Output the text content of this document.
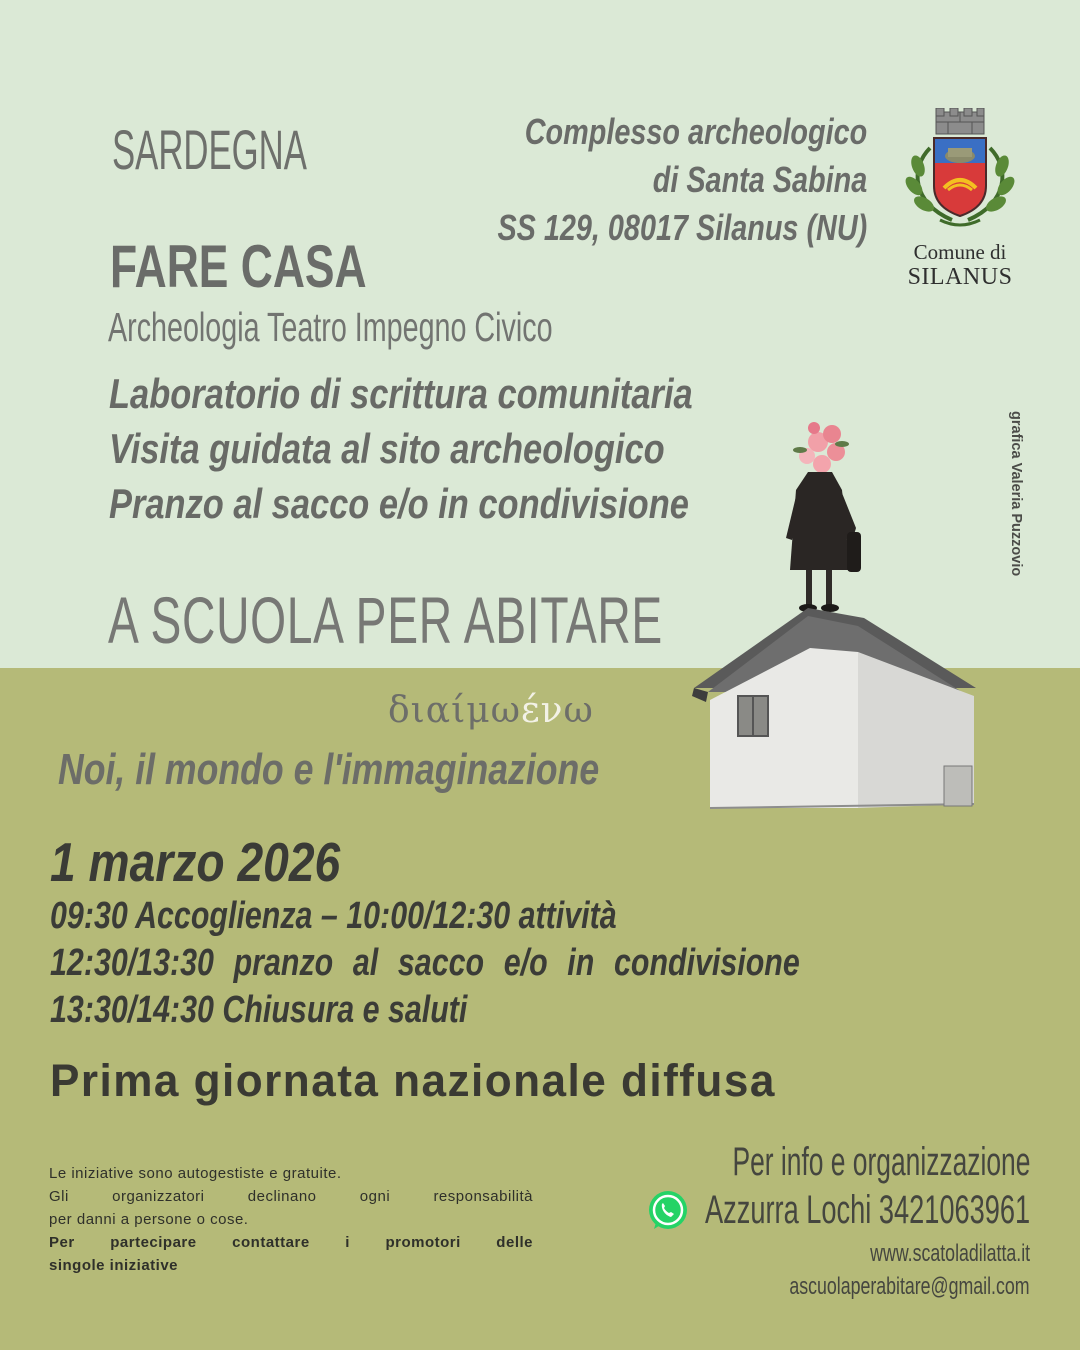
SARDEGNA	Complesso archeologico
di Santa Sabina
SS 129, 08017 Silanus (NU)
Comune di
SILANUS
FARE CASA
Archeologia Teatro Impegno Civico
Laboratorio di scrittura comunitaria
Visita guidata al sito archeologico
Pranzo al sacco e/o in condivisione	grafica Valeria Puzzovio
A SCUOLA PER ABITARE
διαίμωένω
Noi, il mondo e l'immaginazione
1 marzo 2026
09:30 Accoglienza – 10:00/12:30 attività
12:30/13:30 pranzo al sacco e/o in condivisione
13:30/14:30 Chiusura e saluti
Prima giornata nazionale diffusa
Le iniziative sono autogestiste e gratuite.
Gli organizzatori declinano ogni responsabilità
per danni a persone o cose.
Per partecipare contattare i promotori delle
singole iniziative
Per info e organizzazione
Azzurra Lochi 3421063961
www.scatoladilatta.it
ascuolaperabitare@gmail.com
